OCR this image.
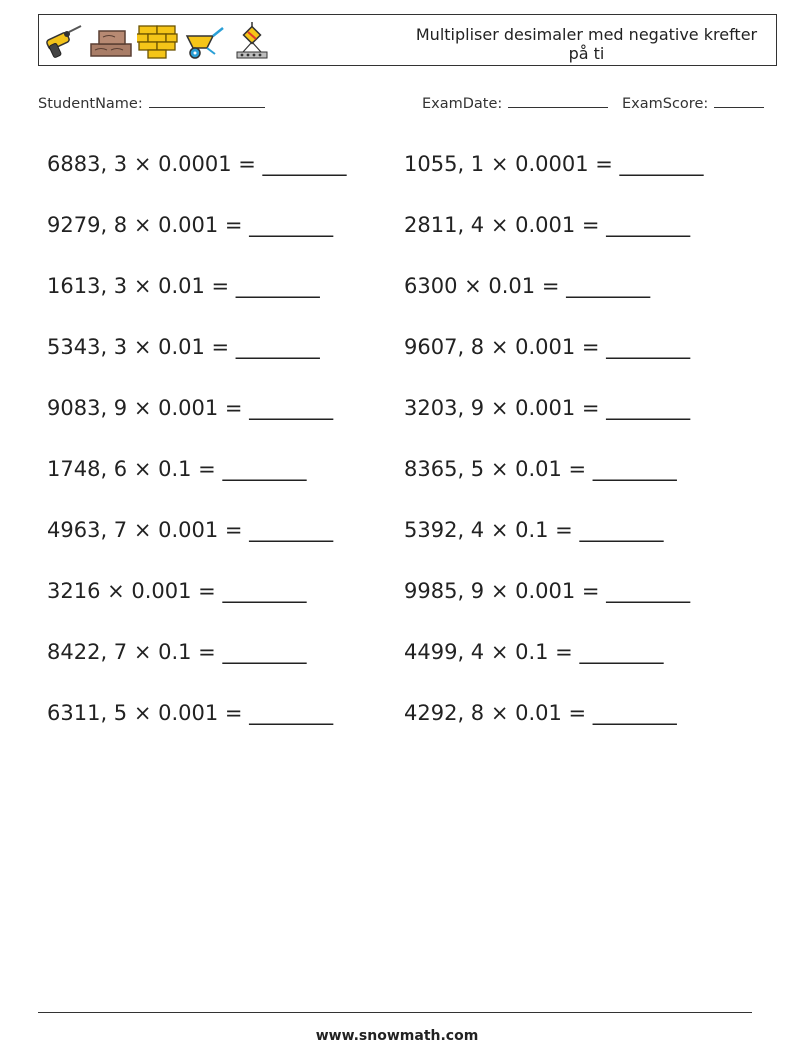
Multipliser desimaler med negative krefter på ti
StudentName:	ExamDate:	ExamScore:
6883, 3 × 0.0001 = ________	1055, 1 × 0.0001 = ________
9279, 8 × 0.001 = ________	2811, 4 × 0.001 = ________
1613, 3 × 0.01 = ________	6300 × 0.01 = ________
5343, 3 × 0.01 = ________	9607, 8 × 0.001 = ________
9083, 9 × 0.001 = ________	3203, 9 × 0.001 = ________
1748, 6 × 0.1 = ________	8365, 5 × 0.01 = ________
4963, 7 × 0.001 = ________	5392, 4 × 0.1 = ________
3216 × 0.001 = ________	9985, 9 × 0.001 = ________
8422, 7 × 0.1 = ________	4499, 4 × 0.1 = ________
6311, 5 × 0.001 = ________	4292, 8 × 0.01 = ________
www.snowmath.com
